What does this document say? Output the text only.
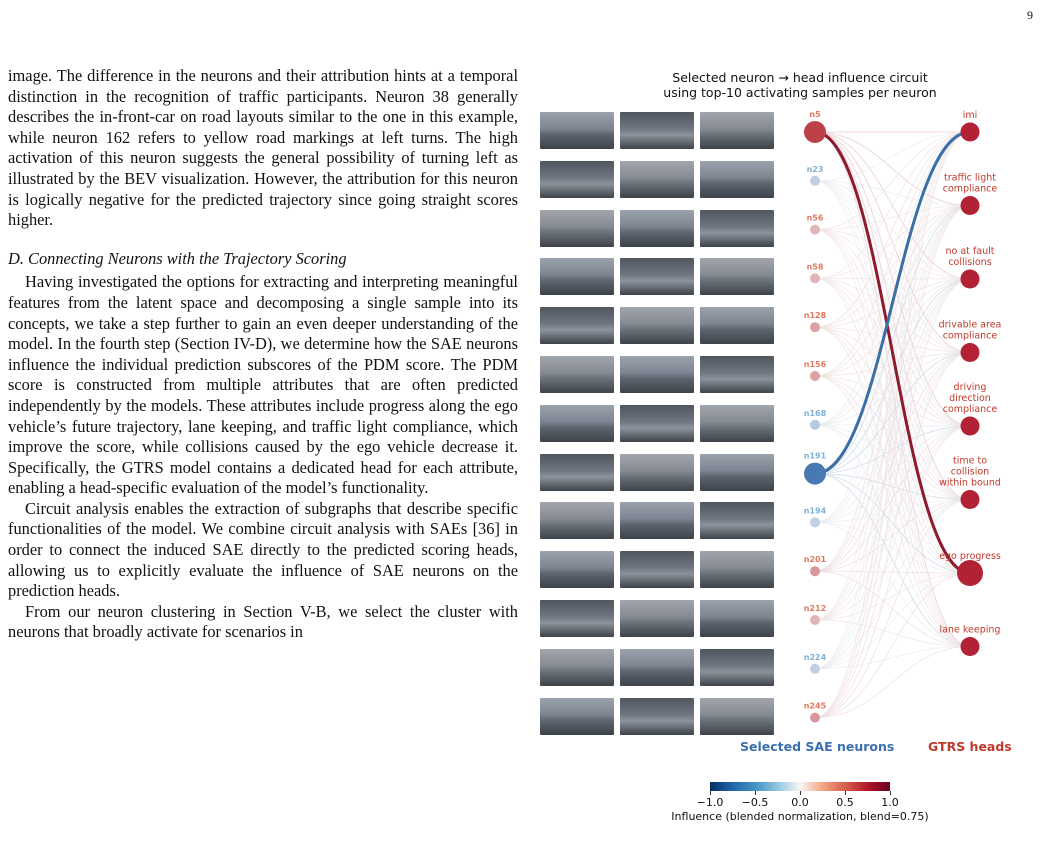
9

image. The difference in the neurons and their attribution hints at a temporal distinction in the recognition of traffic participants. Neuron 38 generally describes the in-front-car on road layouts similar to the one in this example, while neuron 162 refers to yellow road markings at left turns. The high activation of this neuron suggests the general possibility of turning left as illustrated by the BEV visualization. However, the attribution for this neuron is logically negative for the predicted trajectory since going straight scores higher.

D. Connecting Neurons with the Trajectory Scoring

Having investigated the options for extracting and interpreting meaningful features from the latent space and decomposing a single sample into its concepts, we take a step further to gain an even deeper understanding of the model. In the fourth step (Section IV-D), we determine how the SAE neurons influence the individual prediction subscores of the PDM score. The PDM score is constructed from multiple attributes that are often predicted independently by the models. These attributes include progress along the ego vehicle’s future trajectory, lane keeping, and traffic light compliance, which improve the score, while collisions caused by the ego vehicle decrease it. Specifically, the GTRS model contains a dedicated head for each attribute, enabling a head-specific evaluation of the model’s functionality.

Circuit analysis enables the extraction of subgraphs that describe specific functionalities of the model. We combine circuit analysis with SAEs [36] in order to connect the induced SAE directly to the predicted scoring heads, allowing us to explicitly evaluate the influence of SAE neurons on the prediction heads.

From our neuron clustering in Section V-B, we select the cluster with neurons that broadly activate for scenarios in

Selected neuron → head influence circuit
using top-10 activating samples per neuron
n5
n23
n56
n58
n128
n156
n168
n191
n194
n201
n212
n224
n245
imi
traffic light compliance
no at fault collisions
drivable area compliance
driving direction compliance
time to collision within bound
ego progress
lane keeping
Selected SAE neurons	GTRS heads
−1.0	−0.5	0.0	0.5	1.0
Influence (blended normalization, blend=0.75)
